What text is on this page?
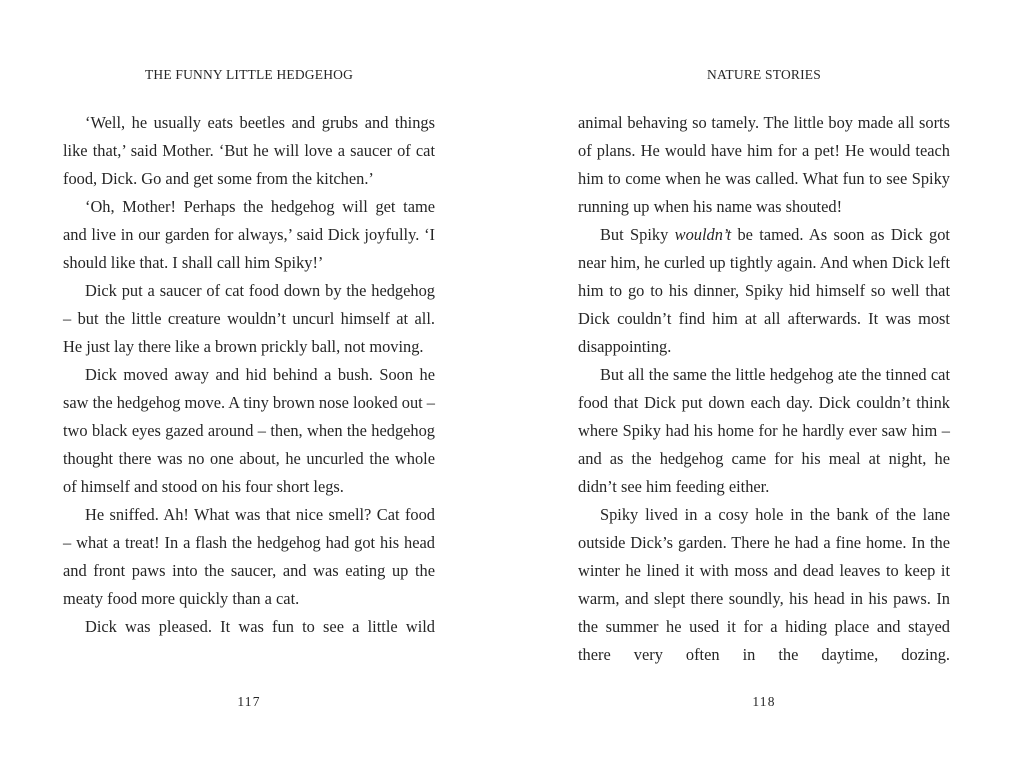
THE FUNNY LITTLE HEDGEHOG

‘Well, he usually eats beetles and grubs and things like that,’ said Mother. ‘But he will love a saucer of cat food, Dick. Go and get some from the kitchen.’

‘Oh, Mother! Perhaps the hedgehog will get tame and live in our garden for always,’ said Dick joyfully. ‘I should like that. I shall call him Spiky!’

Dick put a saucer of cat food down by the hedgehog – but the little creature wouldn’t uncurl himself at all. He just lay there like a brown prickly ball, not moving.

Dick moved away and hid behind a bush. Soon he saw the hedgehog move. A tiny brown nose looked out – two black eyes gazed around – then, when the hedgehog thought there was no one about, he uncurled the whole of himself and stood on his four short legs.

He sniffed. Ah! What was that nice smell? Cat food – what a treat! In a flash the hedgehog had got his head and front paws into the saucer, and was eating up the meaty food more quickly than a cat.

Dick was pleased. It was fun to see a little wild

117
NATURE STORIES

animal behaving so tamely. The little boy made all sorts of plans. He would have him for a pet! He would teach him to come when he was called. What fun to see Spiky running up when his name was shouted!

But Spiky wouldn’t be tamed. As soon as Dick got near him, he curled up tightly again. And when Dick left him to go to his dinner, Spiky hid himself so well that Dick couldn’t find him at all afterwards. It was most disappointing.

But all the same the little hedgehog ate the tinned cat food that Dick put down each day. Dick couldn’t think where Spiky had his home for he hardly ever saw him – and as the hedgehog came for his meal at night, he didn’t see him feeding either.

Spiky lived in a cosy hole in the bank of the lane outside Dick’s garden. There he had a fine home. In the winter he lined it with moss and dead leaves to keep it warm, and slept there soundly, his head in his paws. In the summer he used it for a hiding place and stayed there very often in the daytime, dozing.

118
